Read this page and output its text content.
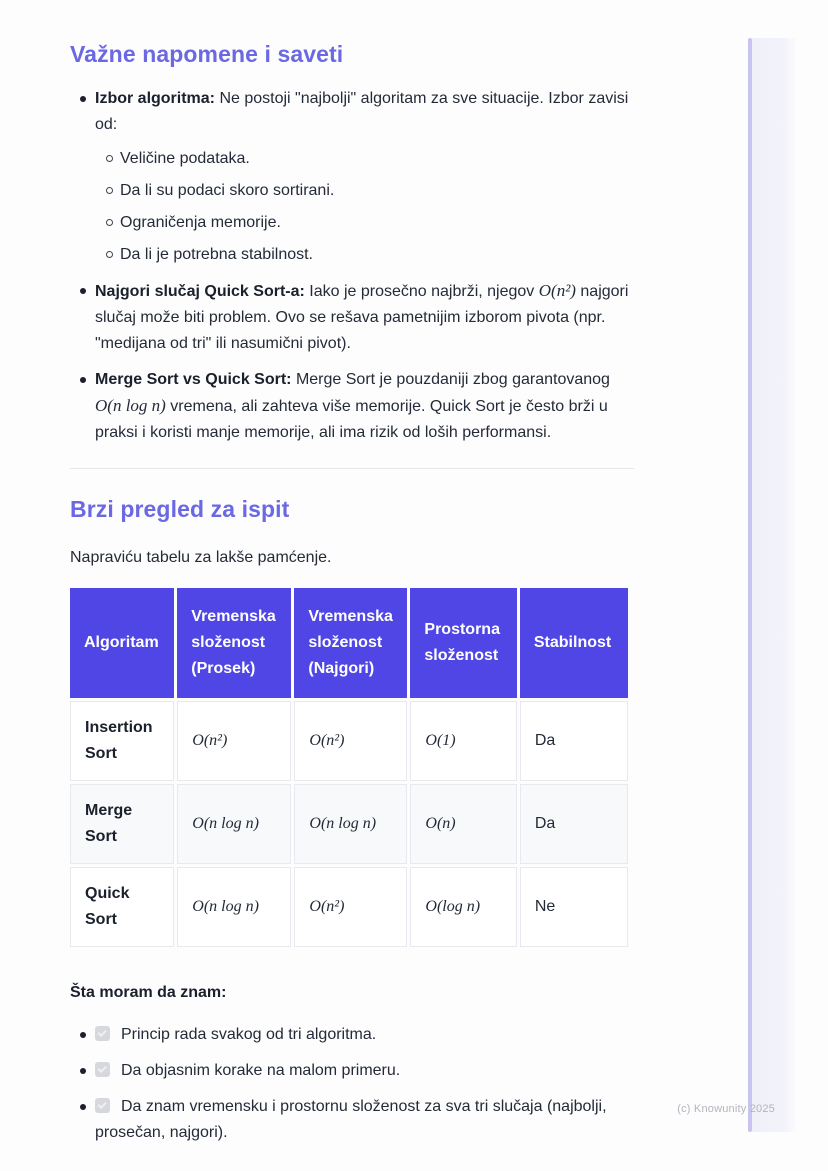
Važne napomene i saveti
Izbor algoritma: Ne postoji "najbolji" algoritam za sve situacije. Izbor zavisi od:
Veličine podataka.
Da li su podaci skoro sortirani.
Ograničenja memorije.
Da li je potrebna stabilnost.
Najgori slučaj Quick Sort-a: Iako je prosečno najbrži, njegov O(n²) najgori slučaj može biti problem. Ovo se rešava pametnijim izborom pivota (npr. "medijana od tri" ili nasumični pivot).
Merge Sort vs Quick Sort: Merge Sort je pouzdaniji zbog garantovanog O(n log n) vremena, ali zahteva više memorije. Quick Sort je često brži u praksi i koristi manje memorije, ali ima rizik od loših performansi.
Brzi pregled za ispit

Napraviću tabelu za lakše pamćenje.

Algoritam	Vremenska složenost (Prosek)	Vremenska složenost (Najgori)	Prostorna složenost	Stabilnost
Insertion Sort	O(n²)	O(n²)	O(1)	Da
Merge Sort	O(n log n)	O(n log n)	O(n)	Da
Quick Sort	O(n log n)	O(n²)	O(log n)	Ne

Šta moram da znam:

Princip rada svakog od tri algoritma.
Da objasnim korake na malom primeru.
Da znam vremensku i prostornu složenost za sva tri slučaja (najbolji, prosečan, najgori).
(c) Knowunity 2025
